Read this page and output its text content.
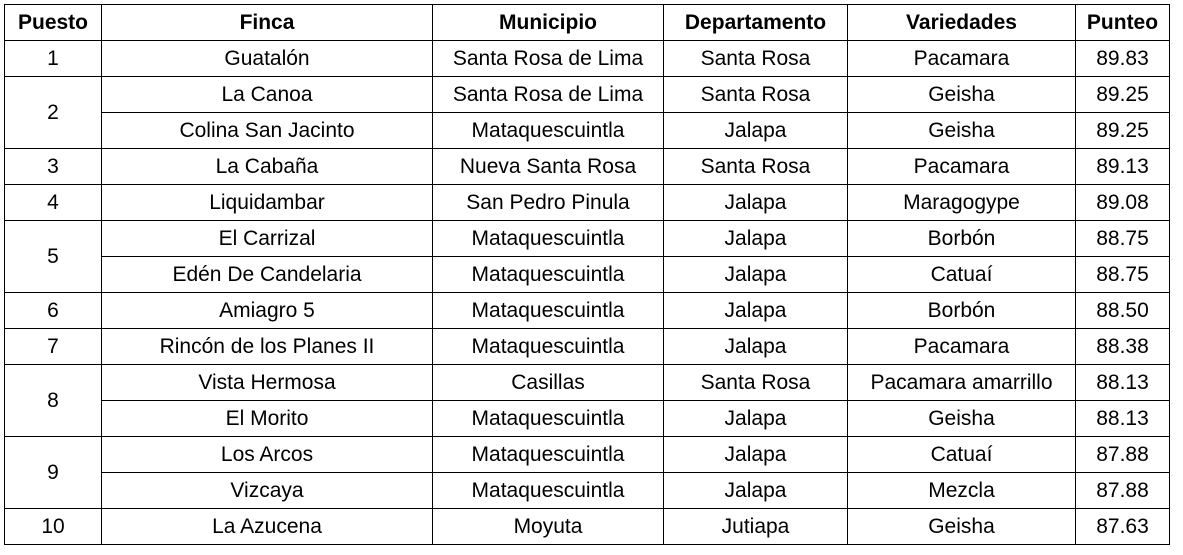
Puesto	Finca	Municipio	Departamento	Variedades	Punteo
1	Guatalón	Santa Rosa de Lima	Santa Rosa	Pacamara	89.83
2	La Canoa	Santa Rosa de Lima	Santa Rosa	Geisha	89.25
	Colina San Jacinto	Mataquescuintla	Jalapa	Geisha	89.25
3	La Cabaña	Nueva Santa Rosa	Santa Rosa	Pacamara	89.13
4	Liquidambar	San Pedro Pinula	Jalapa	Maragogype	89.08
5	El Carrizal	Mataquescuintla	Jalapa	Borbón	88.75
	Edén De Candelaria	Mataquescuintla	Jalapa	Catuaí	88.75
6	Amiagro 5	Mataquescuintla	Jalapa	Borbón	88.50
7	Rincón de los Planes II	Mataquescuintla	Jalapa	Pacamara	88.38
8	Vista Hermosa	Casillas	Santa Rosa	Pacamara amarrillo	88.13
	El Morito	Mataquescuintla	Jalapa	Geisha	88.13
9	Los Arcos	Mataquescuintla	Jalapa	Catuaí	87.88
	Vizcaya	Mataquescuintla	Jalapa	Mezcla	87.88
10	La Azucena	Moyuta	Jutiapa	Geisha	87.63
